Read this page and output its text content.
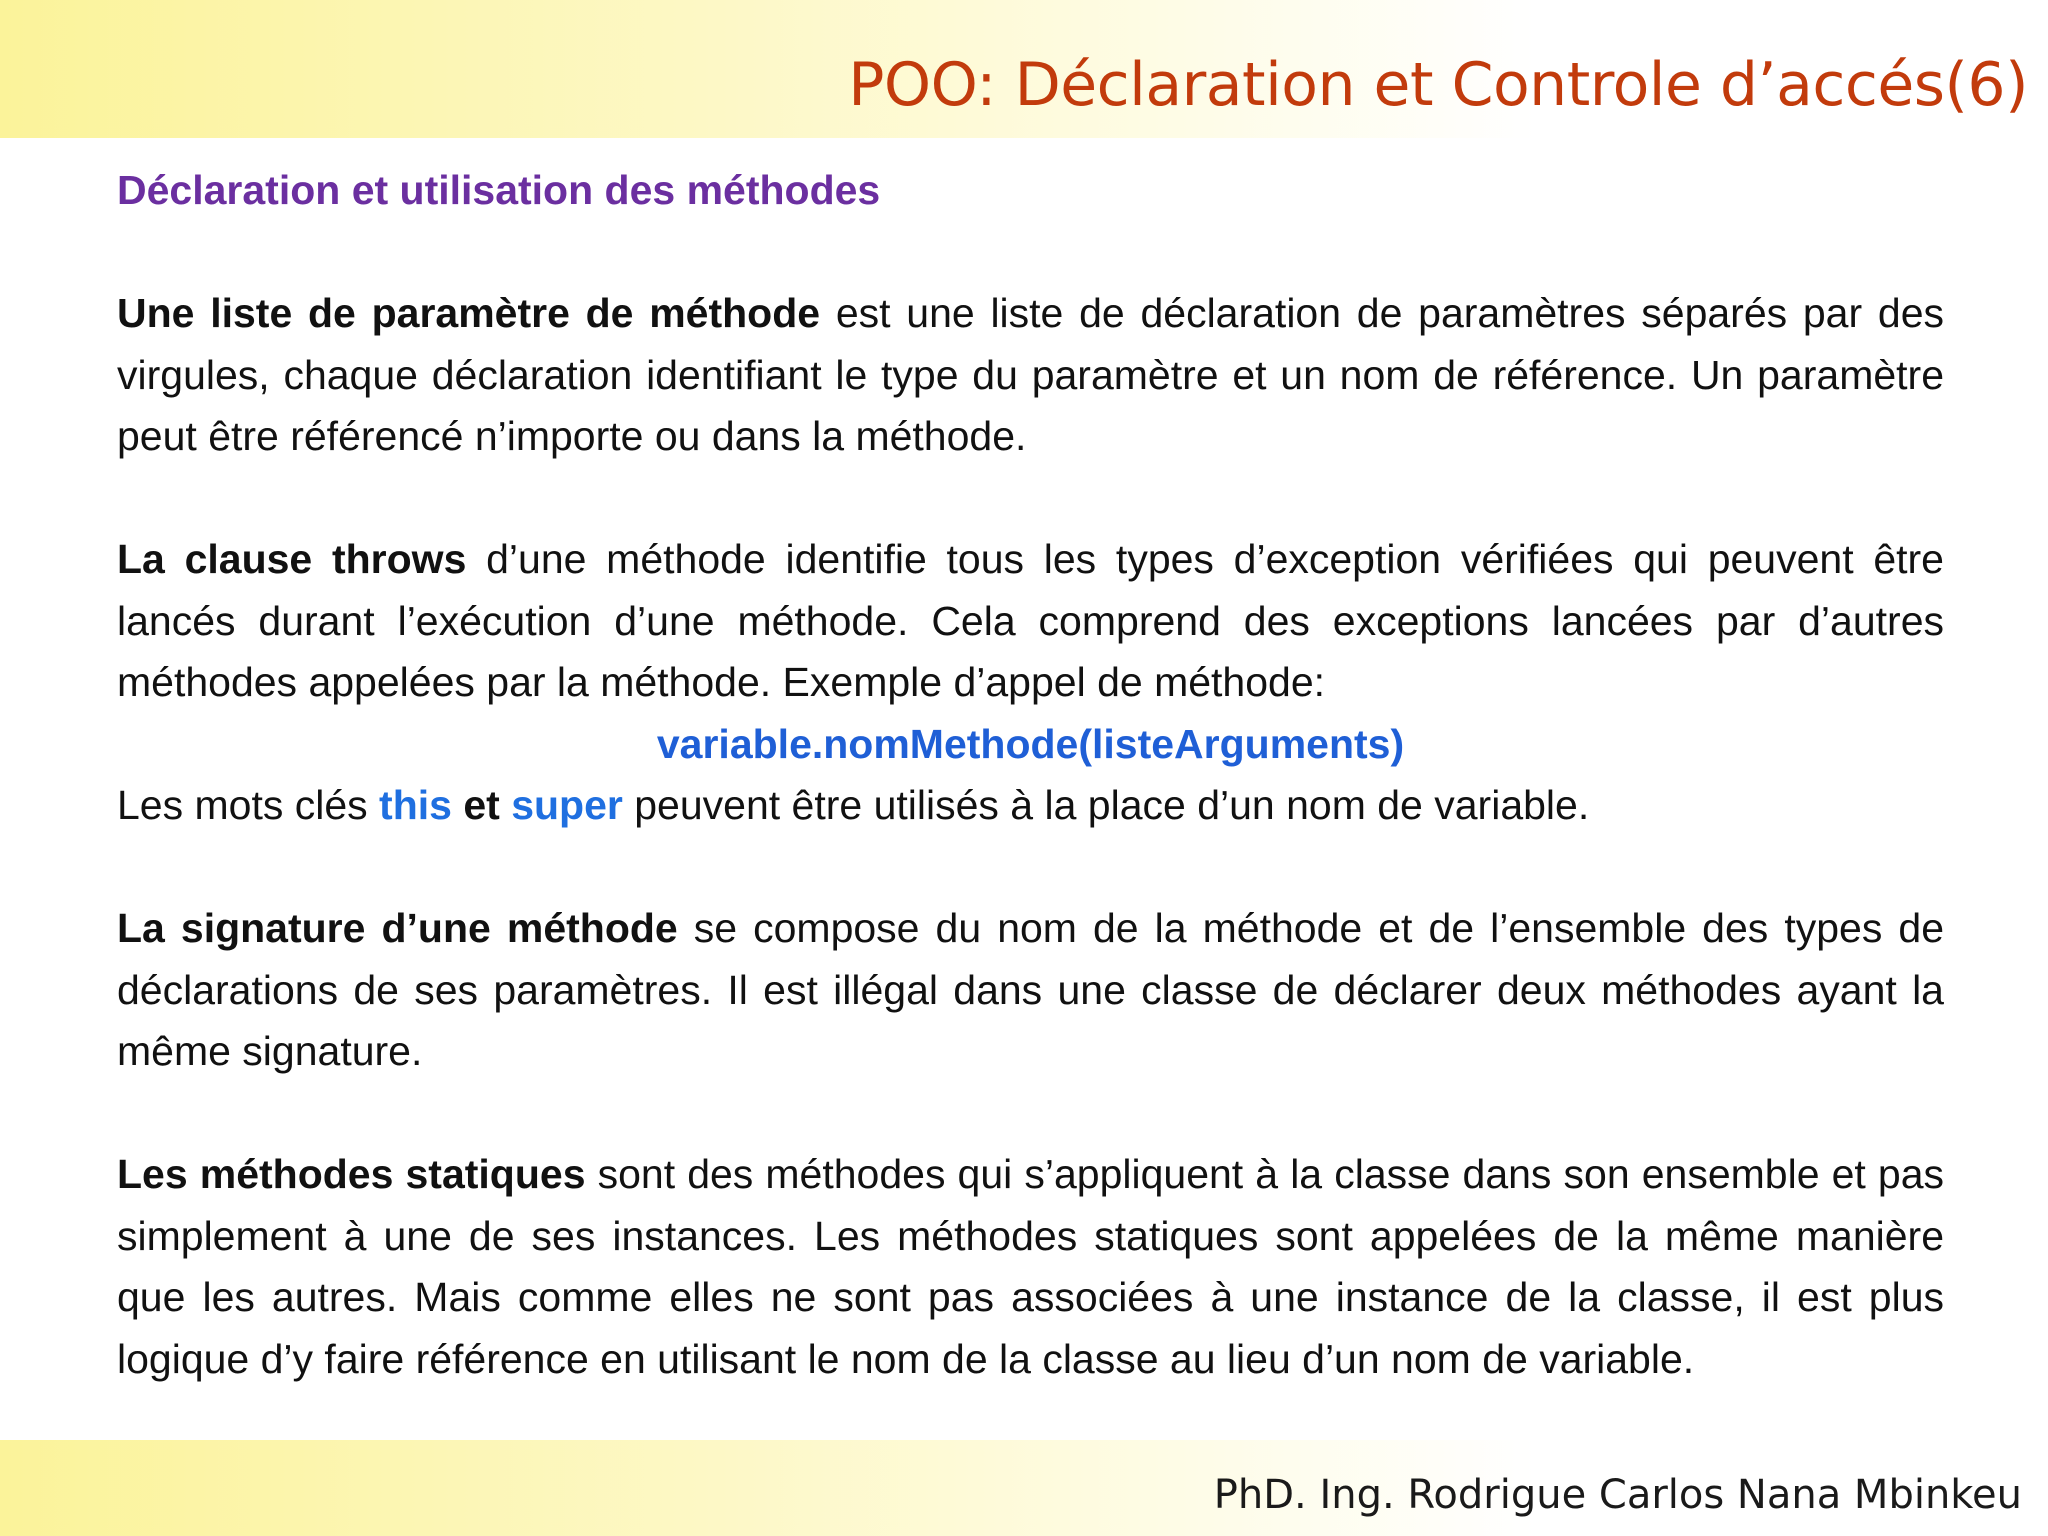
POO: Déclaration et Controle d’accés(6)

Déclaration et utilisation des méthodes

Une liste de paramètre de méthode est une liste de déclaration de paramètres séparés par des virgules, chaque déclaration identifiant le type du paramètre et un nom de référence. Un paramètre peut être référencé n’importe ou dans la méthode.

La clause throws d’une méthode identifie tous les types d’exception vérifiées qui peuvent être lancés durant l’exécution d’une méthode. Cela comprend des exceptions lancées par d’autres méthodes appelées par la méthode. Exemple d’appel de méthode:

variable.nomMethode(listeArguments)

Les mots clés this et super peuvent être utilisés à la place d’un nom de variable.

La signature d’une méthode se compose du nom de la méthode et de l’ensemble des types de déclarations de ses paramètres. Il est illégal dans une classe de déclarer deux méthodes ayant la même signature.

Les méthodes statiques sont des méthodes qui s’appliquent à la classe dans son ensemble et pas simplement à une de ses instances. Les méthodes statiques sont appelées de la même manière que les autres. Mais comme elles ne sont pas associées à une instance de la classe, il est plus logique d’y faire référence en utilisant le nom de la classe au lieu d’un nom de variable.

PhD. Ing. Rodrigue Carlos Nana Mbinkeu
